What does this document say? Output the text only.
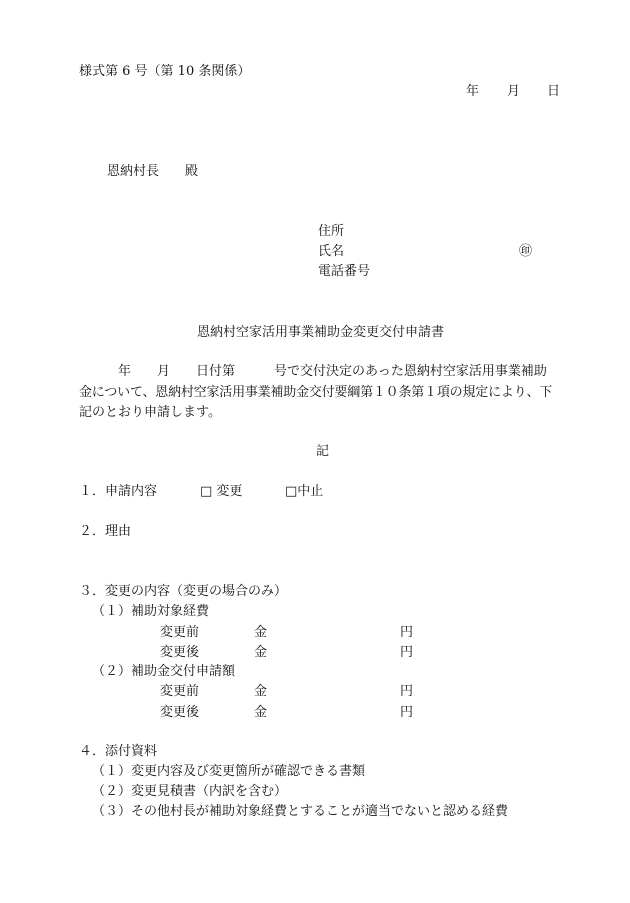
様式第 6 号（第 10 条関係）
年 月 日
恩納村長 殿
住所
氏名	㊞
電話番号
恩納村空家活用事業補助金変更交付申請書
　　　年　　月　　日付第　　　号で交付決定のあった恩納村空家活用事業補助
金について、恩納村空家活用事業補助金交付要綱第１０条第１項の規定により、下
記のとおり申請します。
記
１．申請内容	□ 変更	□中止
２．理由
３．変更の内容（変更の場合のみ）
（１）補助対象経費
変更前	金	円
変更後	金	円
（２）補助金交付申請額
変更前	金	円
変更後	金	円
４．添付資料
（１）変更内容及び変更箇所が確認できる書類
（２）変更見積書（内訳を含む）
（３）その他村長が補助対象経費とすることが適当でないと認める経費
